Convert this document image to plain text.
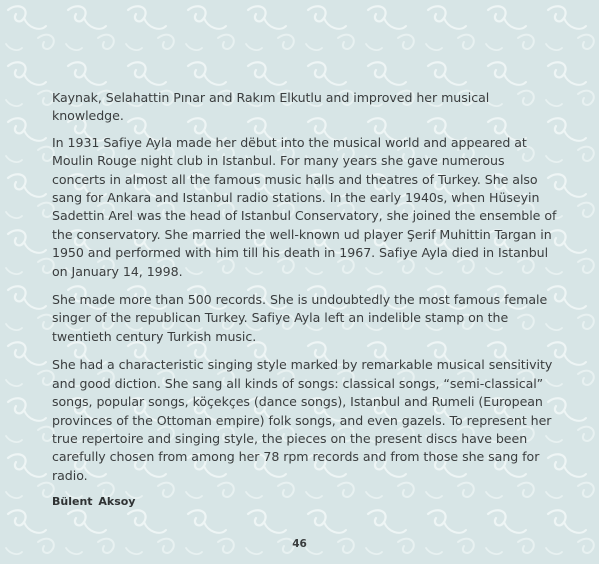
Kaynak, Selahattin Pınar and Rakım Elkutlu and improved her musical knowledge.

In 1931 Safiye Ayla made her dëbut into the musical world and appeared at Moulin Rouge night club in Istanbul. For many years she gave numerous concerts in almost all the famous music halls and theatres of Turkey. She also sang for Ankara and Istanbul radio stations. In the early 1940s, when Hüseyin Sadettin Arel was the head of Istanbul Conservatory, she joined the ensemble of the conservatory. She married the well-known ud player Şerif Muhittin Targan in 1950 and performed with him till his death in 1967. Safiye Ayla died in Istanbul on January 14, 1998.

She made more than 500 records. She is undoubtedly the most famous female singer of the republican Turkey. Safiye Ayla left an indelible stamp on the twentieth century Turkish music.

She had a characteristic singing style marked by remarkable musical sensitivity and good diction. She sang all kinds of songs: classical songs, “semi-classical” songs, popular songs, köçekçes (dance songs), Istanbul and Rumeli (European provinces of the Ottoman empire) folk songs, and even gazels. To represent her true repertoire and singing style, the pieces on the present discs have been carefully chosen from among her 78 rpm records and from those she sang for radio.

Bülent Aksoy
46
